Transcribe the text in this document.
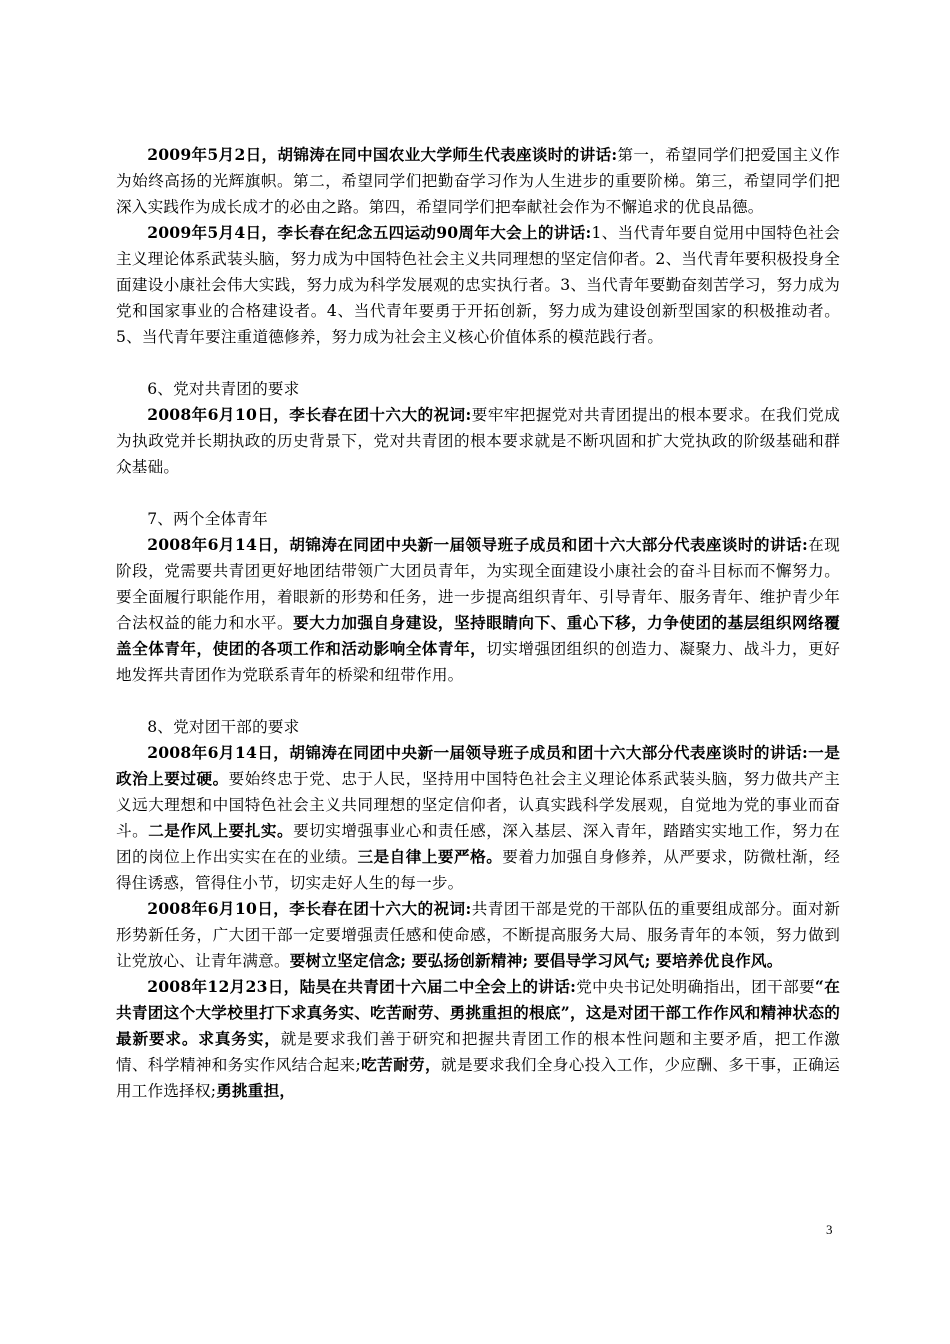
2009年5月2日，胡锦涛在同中国农业大学师生代表座谈时的讲话:第一，希望同学们把爱国主义作为始终高扬的光辉旗帜。第二，希望同学们把勤奋学习作为人生进步的重要阶梯。第三，希望同学们把深入实践作为成长成才的必由之路。第四，希望同学们把奉献社会作为不懈追求的优良品德。

2009年5月4日，李长春在纪念五四运动90周年大会上的讲话:1、当代青年要自觉用中国特色社会主义理论体系武装头脑，努力成为中国特色社会主义共同理想的坚定信仰者。2、当代青年要积极投身全面建设小康社会伟大实践，努力成为科学发展观的忠实执行者。3、当代青年要勤奋刻苦学习，努力成为党和国家事业的合格建设者。4、当代青年要勇于开拓创新，努力成为建设创新型国家的积极推动者。5、当代青年要注重道德修养，努力成为社会主义核心价值体系的模范践行者。

6、党对共青团的要求

2008年6月10日，李长春在团十六大的祝词:要牢牢把握党对共青团提出的根本要求。在我们党成为执政党并长期执政的历史背景下，党对共青团的根本要求就是不断巩固和扩大党执政的阶级基础和群众基础。

7、两个全体青年

2008年6月14日，胡锦涛在同团中央新一届领导班子成员和团十六大部分代表座谈时的讲话:在现阶段，党需要共青团更好地团结带领广大团员青年，为实现全面建设小康社会的奋斗目标而不懈努力。要全面履行职能作用，着眼新的形势和任务，进一步提高组织青年、引导青年、服务青年、维护青少年合法权益的能力和水平。要大力加强自身建设，坚持眼睛向下、重心下移，力争使团的基层组织网络覆盖全体青年，使团的各项工作和活动影响全体青年，切实增强团组织的创造力、凝聚力、战斗力，更好地发挥共青团作为党联系青年的桥梁和纽带作用。

8、党对团干部的要求

2008年6月14日，胡锦涛在同团中央新一届领导班子成员和团十六大部分代表座谈时的讲话:一是政治上要过硬。要始终忠于党、忠于人民，坚持用中国特色社会主义理论体系武装头脑，努力做共产主义远大理想和中国特色社会主义共同理想的坚定信仰者，认真实践科学发展观，自觉地为党的事业而奋斗。二是作风上要扎实。要切实增强事业心和责任感，深入基层、深入青年，踏踏实实地工作，努力在团的岗位上作出实实在在的业绩。三是自律上要严格。要着力加强自身修养，从严要求，防微杜渐，经得住诱惑，管得住小节，切实走好人生的每一步。

2008年6月10日，李长春在团十六大的祝词:共青团干部是党的干部队伍的重要组成部分。面对新形势新任务，广大团干部一定要增强责任感和使命感，不断提高服务大局、服务青年的本领，努力做到让党放心、让青年满意。要树立坚定信念; 要弘扬创新精神; 要倡导学习风气; 要培养优良作风。

2008年12月23日，陆昊在共青团十六届二中全会上的讲话:党中央书记处明确指出，团干部要“在共青团这个大学校里打下求真务实、吃苦耐劳、勇挑重担的根底”，这是对团干部工作作风和精神状态的最新要求。求真务实，就是要求我们善于研究和把握共青团工作的根本性问题和主要矛盾，把工作激情、科学精神和务实作风结合起来;吃苦耐劳，就是要求我们全身心投入工作，少应酬、多干事，正确运用工作选择权;勇挑重担，

3
